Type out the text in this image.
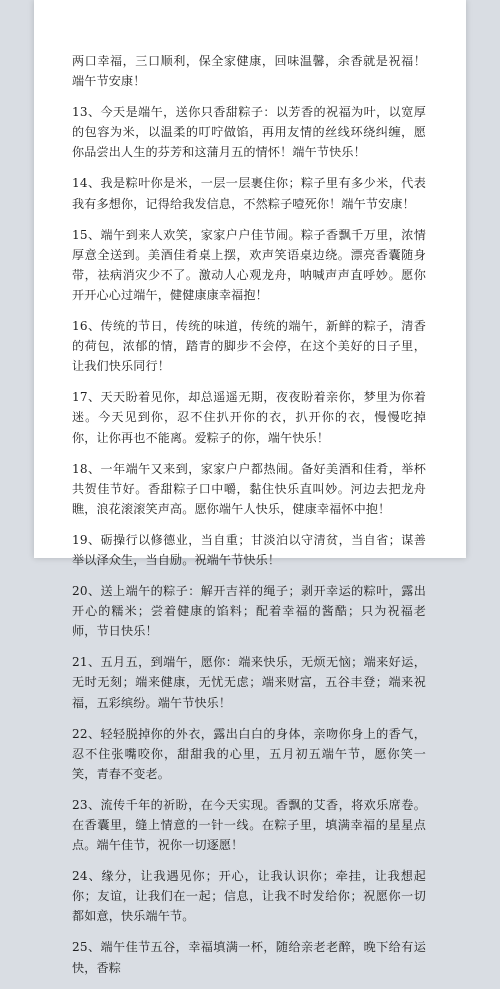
两口幸福，三口顺利，保全家健康，回味温馨，余香就是祝福！端午节安康！

13、今天是端午，送你只香甜粽子：以芳香的祝福为叶，以宽厚的包容为米，以温柔的叮咛做馅，再用友情的丝线环绕纠缠，愿你品尝出人生的芬芳和这蒲月五的情怀！端午节快乐！

14、我是粽叶你是米，一层一层裹住你；粽子里有多少米，代表我有多想你，记得给我发信息，不然粽子噎死你！端午节安康！

15、端午到来人欢笑，家家户户佳节闹。粽子香飘千万里，浓情厚意全送到。美酒佳肴桌上摆，欢声笑语桌边绕。漂亮香囊随身带，祛病消灾少不了。激动人心观龙舟，呐喊声声直呼妙。愿你开开心心过端午，健健康康幸福抱！

16、传统的节日，传统的味道，传统的端午，新鲜的粽子，清香的荷包，浓郁的情，踏青的脚步不会停，在这个美好的日子里，让我们快乐同行！

17、天天盼着见你，却总遥遥无期，夜夜盼着亲你，梦里为你着迷。今天见到你，忍不住扒开你的衣，扒开你的衣，慢慢吃掉你，让你再也不能离。爱粽子的你，端午快乐！

18、一年端午又来到，家家户户都热闹。备好美酒和佳肴，举杯共贺佳节好。香甜粽子口中嚼，黏住快乐直叫妙。河边去把龙舟瞧，浪花滚滚笑声高。愿你端午人快乐，健康幸福怀中抱！

19、砺操行以修德业，当自重；甘淡泊以守清贫，当自省；谋善举以泽众生，当自励。祝端午节快乐！

20、送上端午的粽子：解开吉祥的绳子；剥开幸运的粽叶，露出开心的糯米；尝着健康的馅料；配着幸福的酱酷；只为祝福老师，节日快乐！

21、五月五，到端午，愿你：端来快乐，无烦无恼；端来好运，无时无刻；端来健康，无忧无虑；端来财富，五谷丰登；端来祝福，五彩缤纷。端午节快乐！

22、轻轻脱掉你的外衣，露出白白的身体，亲吻你身上的香气，忍不住张嘴咬你，甜甜我的心里，五月初五端午节，愿你笑一笑，青春不变老。

23、流传千年的祈盼，在今天实现。香飘的艾香，将欢乐席卷。在香囊里，缝上情意的一针一线。在粽子里，填满幸福的星星点点。端午佳节，祝你一切逐愿！

24、缘分，让我遇见你；开心，让我认识你；牵挂，让我想起你；友谊，让我们在一起；信息，让我不时发给你；祝愿你一切都如意，快乐端午节。

25、端午佳节五谷，幸福填满一杯，随给亲老老醉，晚下给有运快，香粽
